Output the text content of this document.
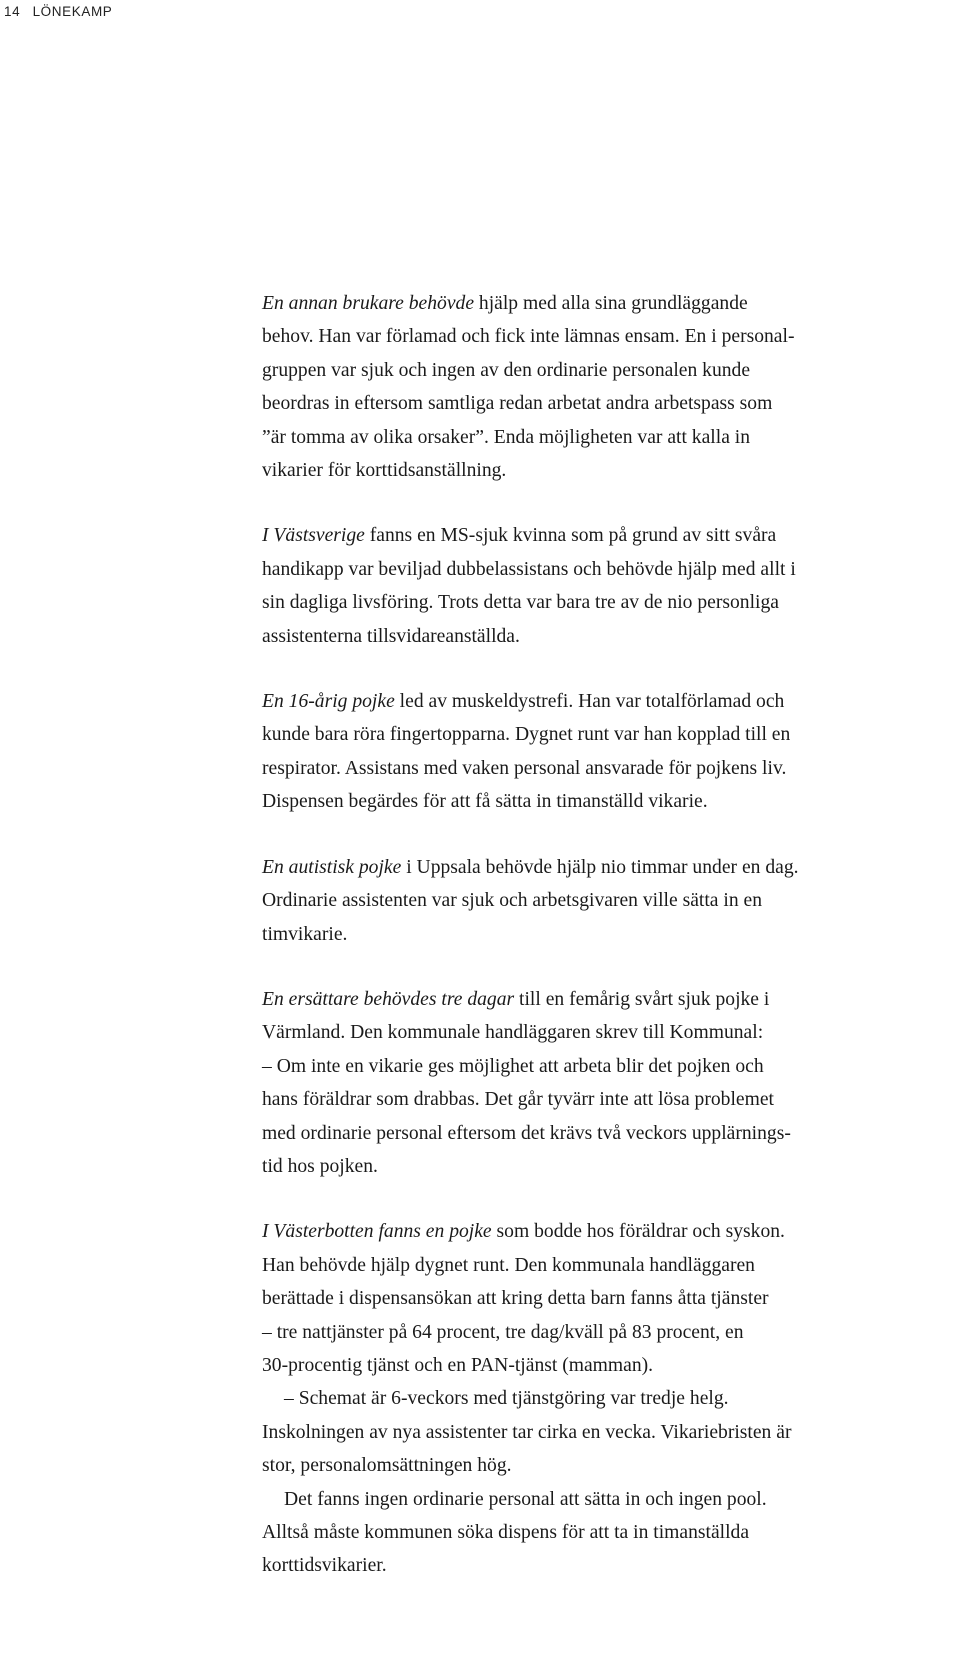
14 LÖNEKAMP
En annan brukare behövde hjälp med alla sina grundläggande
behov. Han var förlamad och fick inte lämnas ensam. En i personal-
gruppen var sjuk och ingen av den ordinarie personalen kunde
beordras in eftersom samtliga redan arbetat andra arbetspass som
”är tomma av olika orsaker”. Enda möjligheten var att kalla in
vikarier för korttidsanställning.
I Västsverige fanns en MS-sjuk kvinna som på grund av sitt svåra
handikapp var beviljad dubbelassistans och behövde hjälp med allt i
sin dagliga livsföring. Trots detta var bara tre av de nio personliga
assistenterna tillsvidareanställda.
En 16-årig pojke led av muskeldystrefi. Han var totalförlamad och
kunde bara röra fingertopparna. Dygnet runt var han kopplad till en
respirator. Assistans med vaken personal ansvarade för pojkens liv.
Dispensen begärdes för att få sätta in timanställd vikarie.
En autistisk pojke i Uppsala behövde hjälp nio timmar under en dag.
Ordinarie assistenten var sjuk och arbetsgivaren ville sätta in en
timvikarie.
En ersättare behövdes tre dagar till en femårig svårt sjuk pojke i
Värmland. Den kommunale handläggaren skrev till Kommunal:
– Om inte en vikarie ges möjlighet att arbeta blir det pojken och
hans föräldrar som drabbas. Det går tyvärr inte att lösa problemet
med ordinarie personal eftersom det krävs två veckors upplärnings-
tid hos pojken.
I Västerbotten fanns en pojke som bodde hos föräldrar och syskon.
Han behövde hjälp dygnet runt. Den kommunala handläggaren
berättade i dispensansökan att kring detta barn fanns åtta tjänster
– tre nattjänster på 64 procent, tre dag/kväll på 83 procent, en
30-procentig tjänst och en PAN-tjänst (mamman).
– Schemat är 6-veckors med tjänstgöring var tredje helg.
Inskolningen av nya assistenter tar cirka en vecka. Vikariebristen är
stor, personalomsättningen hög.
Det fanns ingen ordinarie personal att sätta in och ingen pool.
Alltså måste kommunen söka dispens för att ta in timanställda
korttidsvikarier.
